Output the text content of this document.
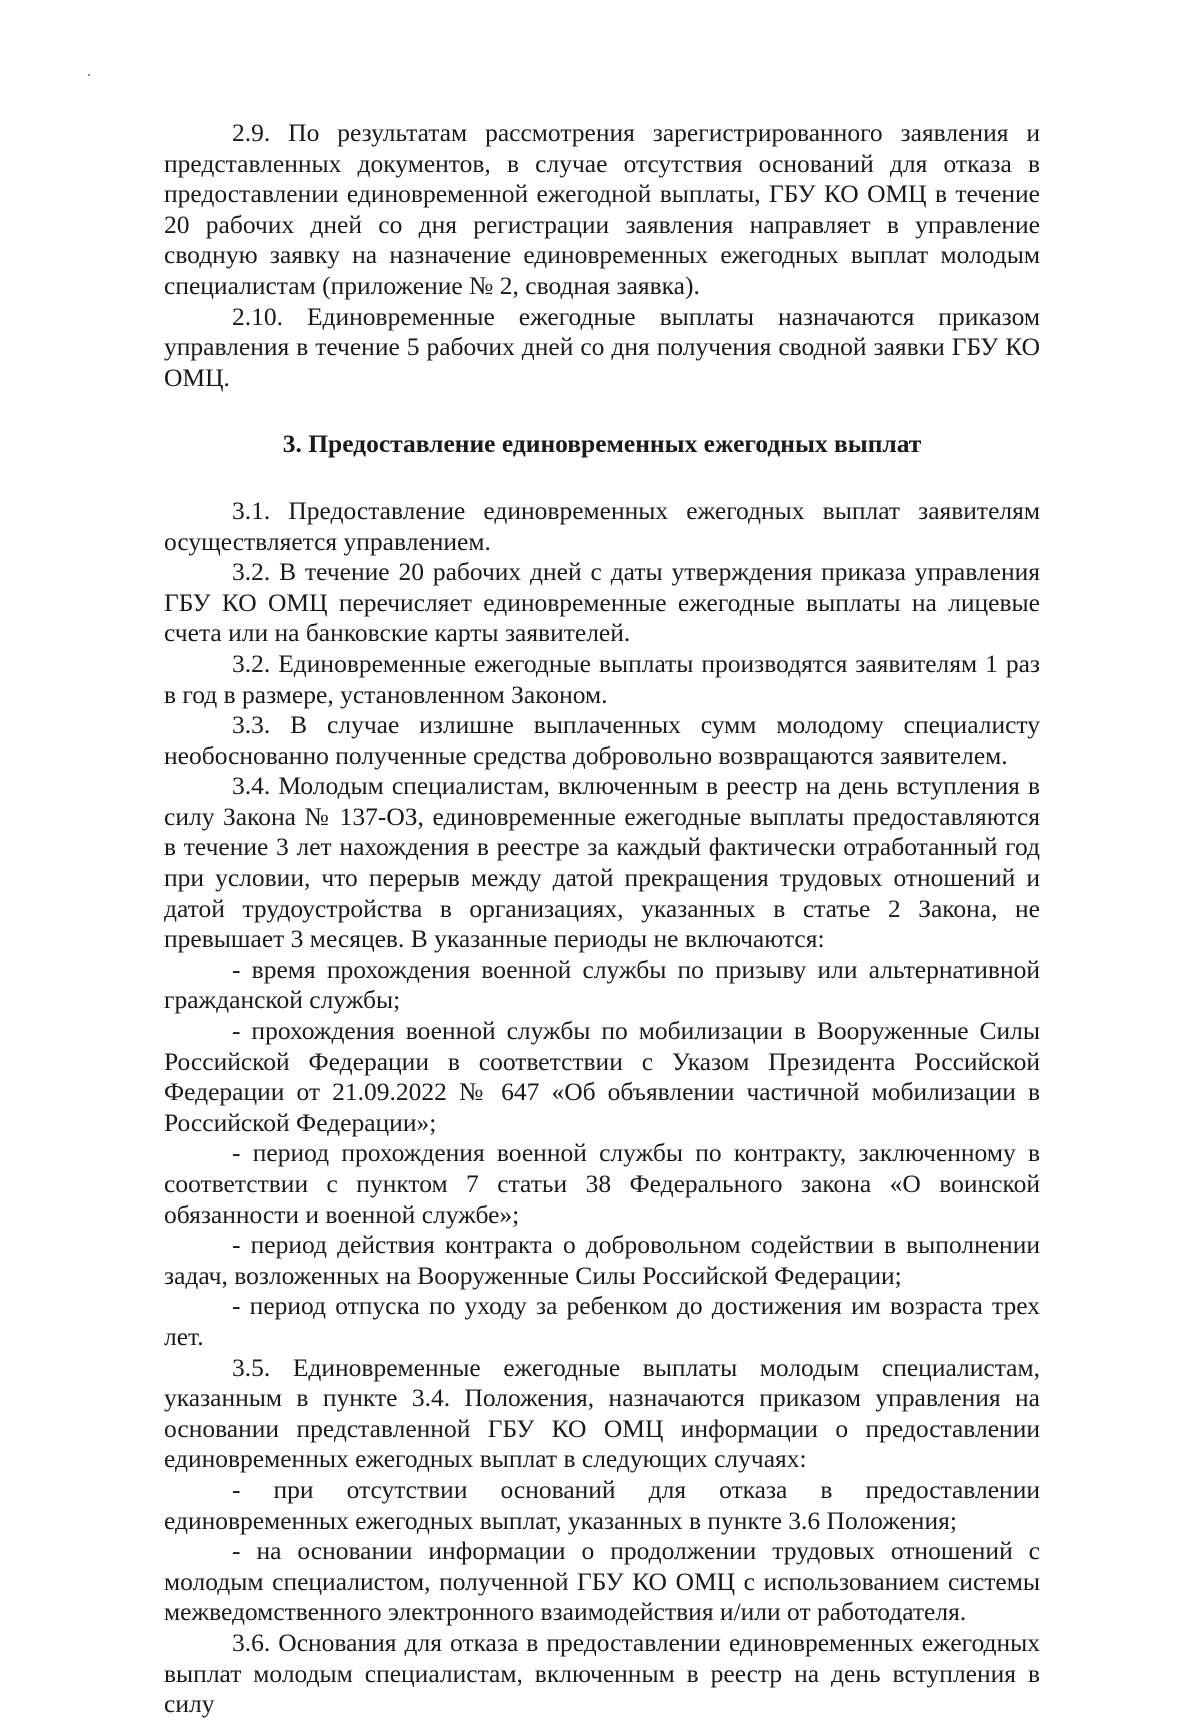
2.9. По результатам рассмотрения зарегистрированного заявления и представленных документов, в случае отсутствия оснований для отказа в предоставлении единовременной ежегодной выплаты, ГБУ КО ОМЦ в течение 20 рабочих дней со дня регистрации заявления направляет в управление сводную заявку на назначение единовременных ежегодных выплат молодым специалистам (приложение № 2, сводная заявка).

2.10. Единовременные ежегодные выплаты назначаются приказом управления в течение 5 рабочих дней со дня получения сводной заявки ГБУ КО ОМЦ.

3. Предоставление единовременных ежегодных выплат

3.1. Предоставление единовременных ежегодных выплат заявителям осуществляется управлением.

3.2. В течение 20 рабочих дней с даты утверждения приказа управления ГБУ КО ОМЦ перечисляет единовременные ежегодные выплаты на лицевые счета или на банковские карты заявителей.

3.2. Единовременные ежегодные выплаты производятся заявителям 1 раз в год в размере, установленном Законом.

3.3. В случае излишне выплаченных сумм молодому специалисту необоснованно полученные средства добровольно возвращаются заявителем.

3.4. Молодым специалистам, включенным в реестр на день вступления в силу Закона № 137-ОЗ, единовременные ежегодные выплаты предоставляются в течение 3 лет нахождения в реестре за каждый фактически отработанный год при условии, что перерыв между датой прекращения трудовых отношений и датой трудоустройства в организациях, указанных в статье 2 Закона, не превышает 3 месяцев. В указанные периоды не включаются:

- время прохождения военной службы по призыву или альтернативной гражданской службы;

- прохождения военной службы по мобилизации в Вооруженные Силы Российской Федерации в соответствии с Указом Президента Российской Федерации от 21.09.2022 № 647 «Об объявлении частичной мобилизации в Российской Федерации»;

- период прохождения военной службы по контракту, заключенному в соответствии с пунктом 7 статьи 38 Федерального закона «О воинской обязанности и военной службе»;

- период действия контракта о добровольном содействии в выполнении задач, возложенных на Вооруженные Силы Российской Федерации;

- период отпуска по уходу за ребенком до достижения им возраста трех лет.

3.5. Единовременные ежегодные выплаты молодым специалистам, указанным в пункте 3.4. Положения, назначаются приказом управления на основании представленной ГБУ КО ОМЦ информации о предоставлении единовременных ежегодных выплат в следующих случаях:

- при отсутствии оснований для отказа в предоставлении единовременных ежегодных выплат, указанных в пункте 3.6 Положения;

- на основании информации о продолжении трудовых отношений с молодым специалистом, полученной ГБУ КО ОМЦ с использованием системы межведомственного электронного взаимодействия и/или от работодателя.

3.6. Основания для отказа в предоставлении единовременных ежегодных выплат молодым специалистам, включенным в реестр на день вступления в силу
